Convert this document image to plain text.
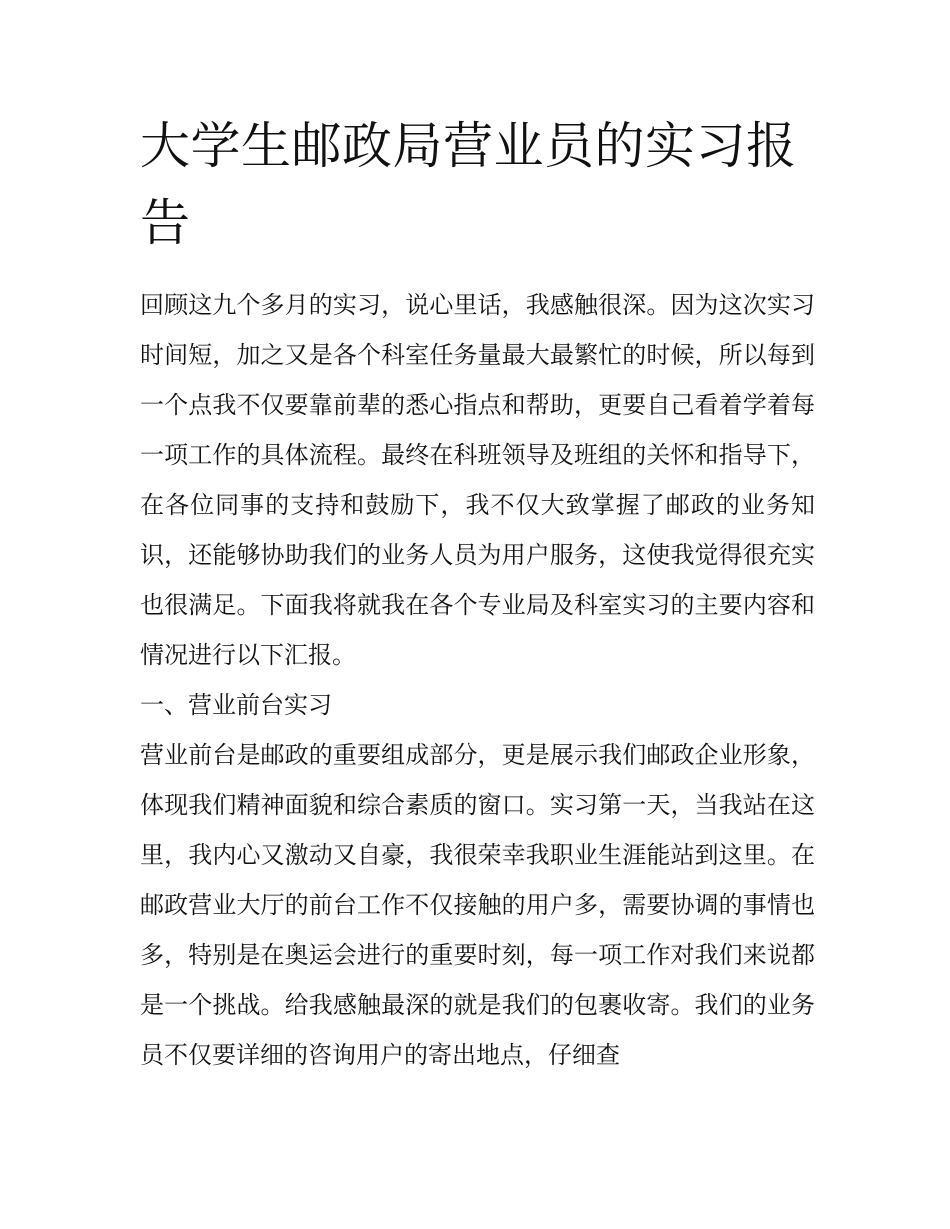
大学生邮政局营业员的实习报告

回顾这九个多月的实习，说心里话，我感触很深。因为这次实习时间短，加之又是各个科室任务量最大最繁忙的时候，所以每到一个点我不仅要靠前辈的悉心指点和帮助，更要自己看着学着每一项工作的具体流程。最终在科班领导及班组的关怀和指导下，在各位同事的支持和鼓励下，我不仅大致掌握了邮政的业务知识，还能够协助我们的业务人员为用户服务，这使我觉得很充实也很满足。下面我将就我在各个专业局及科室实习的主要内容和情况进行以下汇报。

一、营业前台实习

营业前台是邮政的重要组成部分，更是展示我们邮政企业形象，体现我们精神面貌和综合素质的窗口。实习第一天，当我站在这里，我内心又激动又自豪，我很荣幸我职业生涯能站到这里。在邮政营业大厅的前台工作不仅接触的用户多，需要协调的事情也多，特别是在奥运会进行的重要时刻，每一项工作对我们来说都是一个挑战。给我感触最深的就是我们的包裹收寄。我们的业务员不仅要详细的咨询用户的寄出地点，仔细查
